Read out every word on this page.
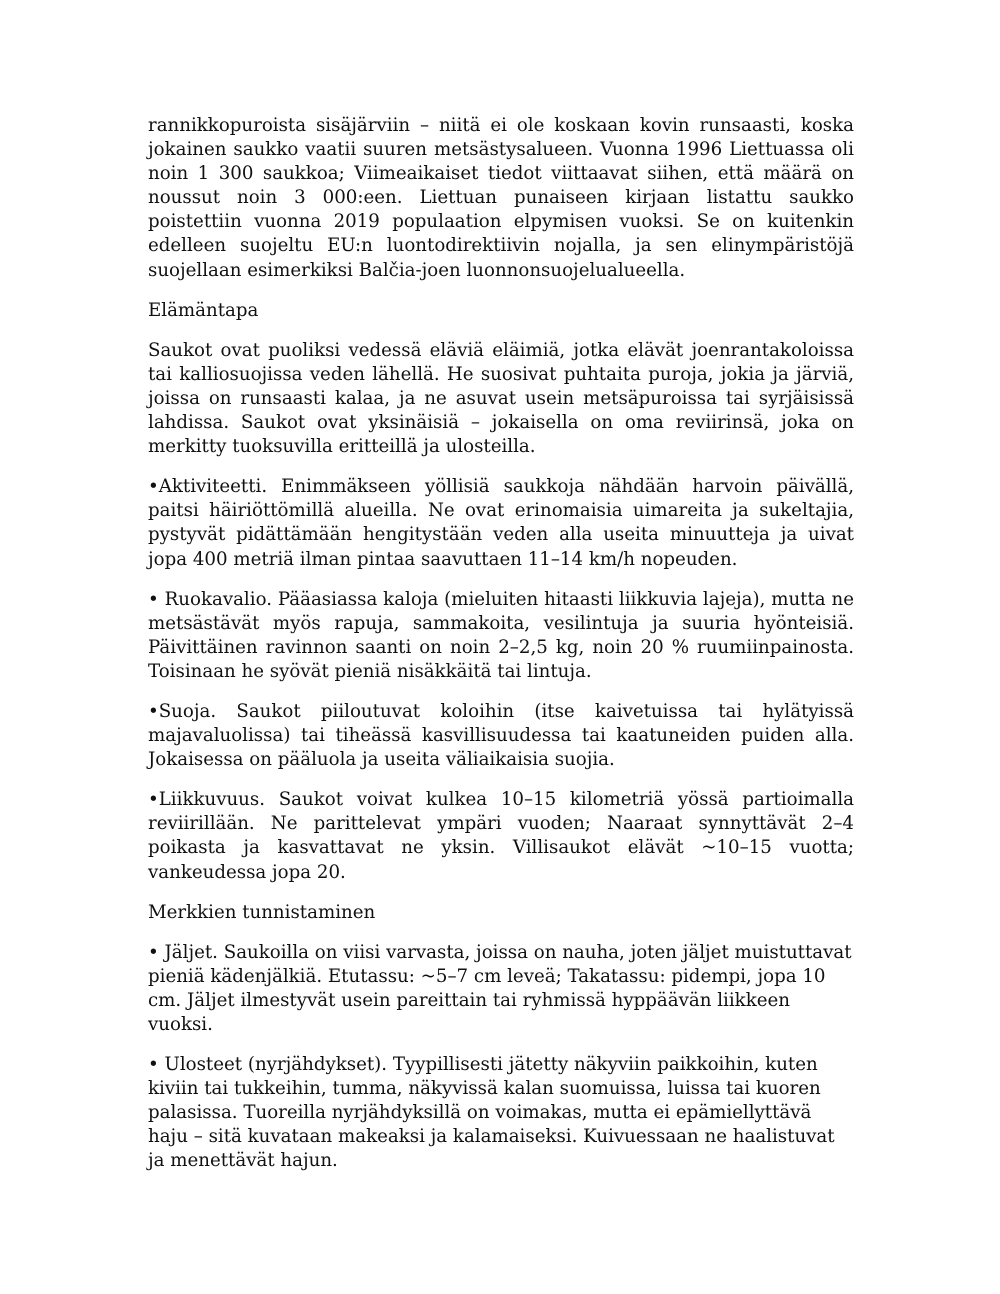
rannikkopuroista sisäjärviin – niitä ei ole koskaan kovin runsaasti, koska jokainen saukko vaatii suuren metsästysalueen. Vuonna 1996 Liettuassa oli noin 1 300 saukkoa; Viimeaikaiset tiedot viittaavat siihen, että määrä on noussut noin 3 000:een. Liettuan punaiseen kirjaan listattu saukko poistettiin vuonna 2019 populaation elpymisen vuoksi. Se on kuitenkin edelleen suojeltu EU:n luontodirektiivin nojalla, ja sen elinympäristöjä suojellaan esimerkiksi Balčia-joen luonnonsuojelualueella.

Elämäntapa

Saukot ovat puoliksi vedessä eläviä eläimiä, jotka elävät joenrantakoloissa tai kalliosuojissa veden lähellä. He suosivat puhtaita puroja, jokia ja järviä, joissa on runsaasti kalaa, ja ne asuvat usein metsäpuroissa tai syrjäisissä lahdissa. Saukot ovat yksinäisiä – jokaisella on oma reviirinsä, joka on merkitty tuoksuvilla eritteillä ja ulosteilla.

•Aktiviteetti. Enimmäkseen yöllisiä saukkoja nähdään harvoin päivällä, paitsi häiriöttömillä alueilla. Ne ovat erinomaisia uimareita ja sukeltajia, pystyvät pidättämään hengitystään veden alla useita minuutteja ja uivat jopa 400 metriä ilman pintaa saavuttaen 11–14 km/h nopeuden.

• Ruokavalio. Pääasiassa kaloja (mieluiten hitaasti liikkuvia lajeja), mutta ne metsästävät myös rapuja, sammakoita, vesilintuja ja suuria hyönteisiä. Päivittäinen ravinnon saanti on noin 2–2,5 kg, noin 20 % ruumiinpainosta. Toisinaan he syövät pieniä nisäkkäitä tai lintuja.

•Suoja. Saukot piiloutuvat koloihin (itse kaivetuissa tai hylätyissä majavaluolissa) tai tiheässä kasvillisuudessa tai kaatuneiden puiden alla. Jokaisessa on pääluola ja useita väliaikaisia suojia.

•Liikkuvuus. Saukot voivat kulkea 10–15 kilometriä yössä partioimalla reviirillään. Ne parittelevat ympäri vuoden; Naaraat synnyttävät 2–4 poikasta ja kasvattavat ne yksin. Villisaukot elävät ~10–15 vuotta; vankeudessa jopa 20.

Merkkien tunnistaminen

• Jäljet. Saukoilla on viisi varvasta, joissa on nauha, joten jäljet muistuttavat pieniä kädenjälkiä. Etutassu: ~5–7 cm leveä; Takatassu: pidempi, jopa 10 cm. Jäljet ilmestyvät usein pareittain tai ryhmissä hyppäävän liikkeen vuoksi.

• Ulosteet (nyrjähdykset). Tyypillisesti jätetty näkyviin paikkoihin, kuten kiviin tai tukkeihin, tumma, näkyvissä kalan suomuissa, luissa tai kuoren palasissa. Tuoreilla nyrjähdyksillä on voimakas, mutta ei epämiellyttävä haju – sitä kuvataan makeaksi ja kalamaiseksi. Kuivuessaan ne haalistuvat ja menettävät hajun.
